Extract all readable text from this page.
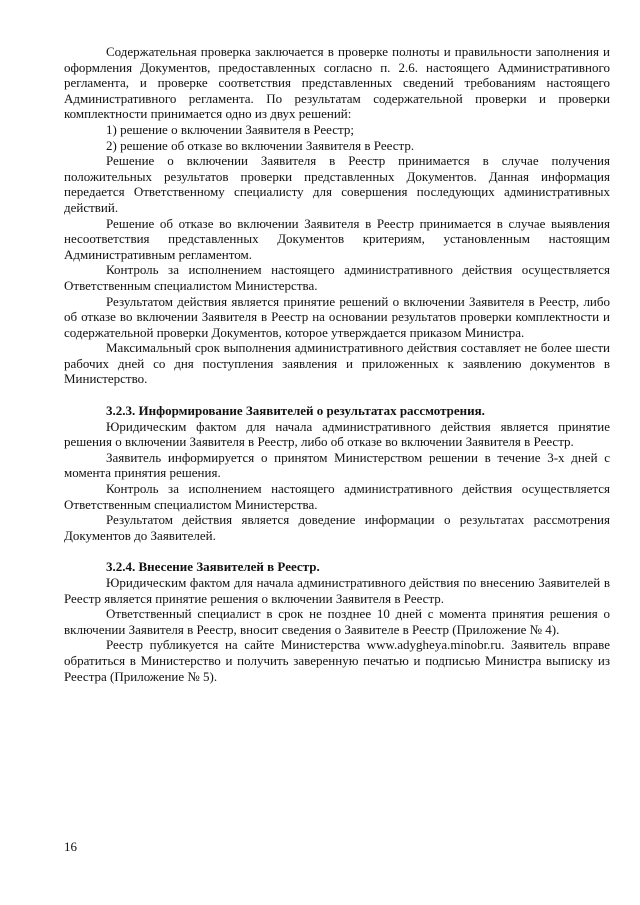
Содержательная проверка заключается в проверке полноты и правильности заполнения и оформления Документов, предоставленных согласно п. 2.6. настоящего Административного регламента, и проверке соответствия представленных сведений требованиям настоящего Административного регламента. По результатам содержательной проверки и проверки комплектности принимается одно из двух решений:

1) решение о включении Заявителя в Реестр;

2) решение об отказе во включении Заявителя в Реестр.

Решение о включении Заявителя в Реестр принимается в случае получения положительных результатов проверки представленных Документов. Данная информация передается Ответственному специалисту для совершения последующих административных действий.

Решение об отказе во включении Заявителя в Реестр принимается в случае выявления несоответствия представленных Документов критериям, установленным настоящим Административным регламентом.

Контроль за исполнением настоящего административного действия осуществляется Ответственным специалистом Министерства.

Результатом действия является принятие решений о включении Заявителя в Реестр, либо об отказе во включении Заявителя в Реестр на основании результатов проверки комплектности и содержательной проверки Документов, которое утверждается приказом Министра.

Максимальный срок выполнения административного действия составляет не более шести рабочих дней со дня поступления заявления и приложенных к заявлению документов в Министерство.

3.2.3. Информирование Заявителей о результатах рассмотрения.

Юридическим фактом для начала административного действия является принятие решения о включении Заявителя в Реестр, либо об отказе во включении Заявителя в Реестр.

Заявитель информируется о принятом Министерством решении в течение 3-х дней с момента принятия решения.

Контроль за исполнением настоящего административного действия осуществляется Ответственным специалистом Министерства.

Результатом действия является доведение информации о результатах рассмотрения Документов до Заявителей.

3.2.4. Внесение Заявителей в Реестр.

Юридическим фактом для начала административного действия по внесению Заявителей в Реестр является принятие решения о включении Заявителя в Реестр.

Ответственный специалист в срок не позднее 10 дней с момента принятия решения о включении Заявителя в Реестр, вносит сведения о Заявителе в Реестр (Приложение № 4).

Реестр публикуется на сайте Министерства www.adygheya.minobr.ru. Заявитель вправе обратиться в Министерство и получить заверенную печатью и подписью Министра выписку из Реестра (Приложение № 5).

16
